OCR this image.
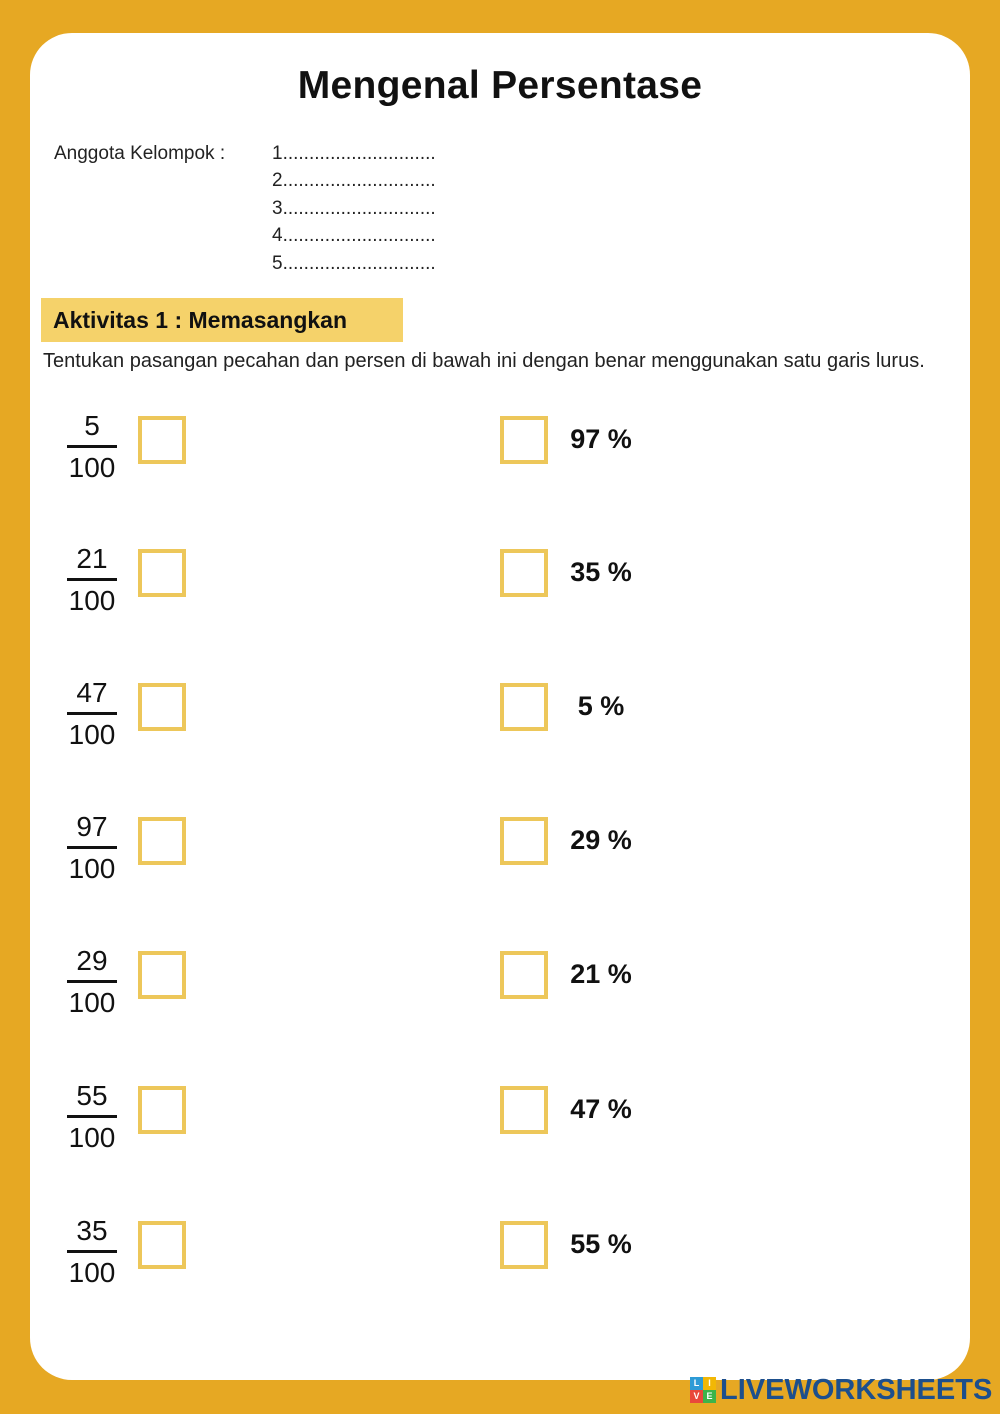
Mengenal Persentase
Anggota Kelompok : 1.............................
2.............................
3.............................
4.............................
5.............................
Aktivitas 1 : Memasangkan
Tentukan pasangan pecahan dan persen di bawah ini dengan benar menggunakan satu garis lurus.
5
100
97 %
21
100
35 %
47
100
5 %
97
100
29 %
29
100
21 %
55
100
47 %
35
100
55 %
L I
V E LIVEWORKSHEETS
